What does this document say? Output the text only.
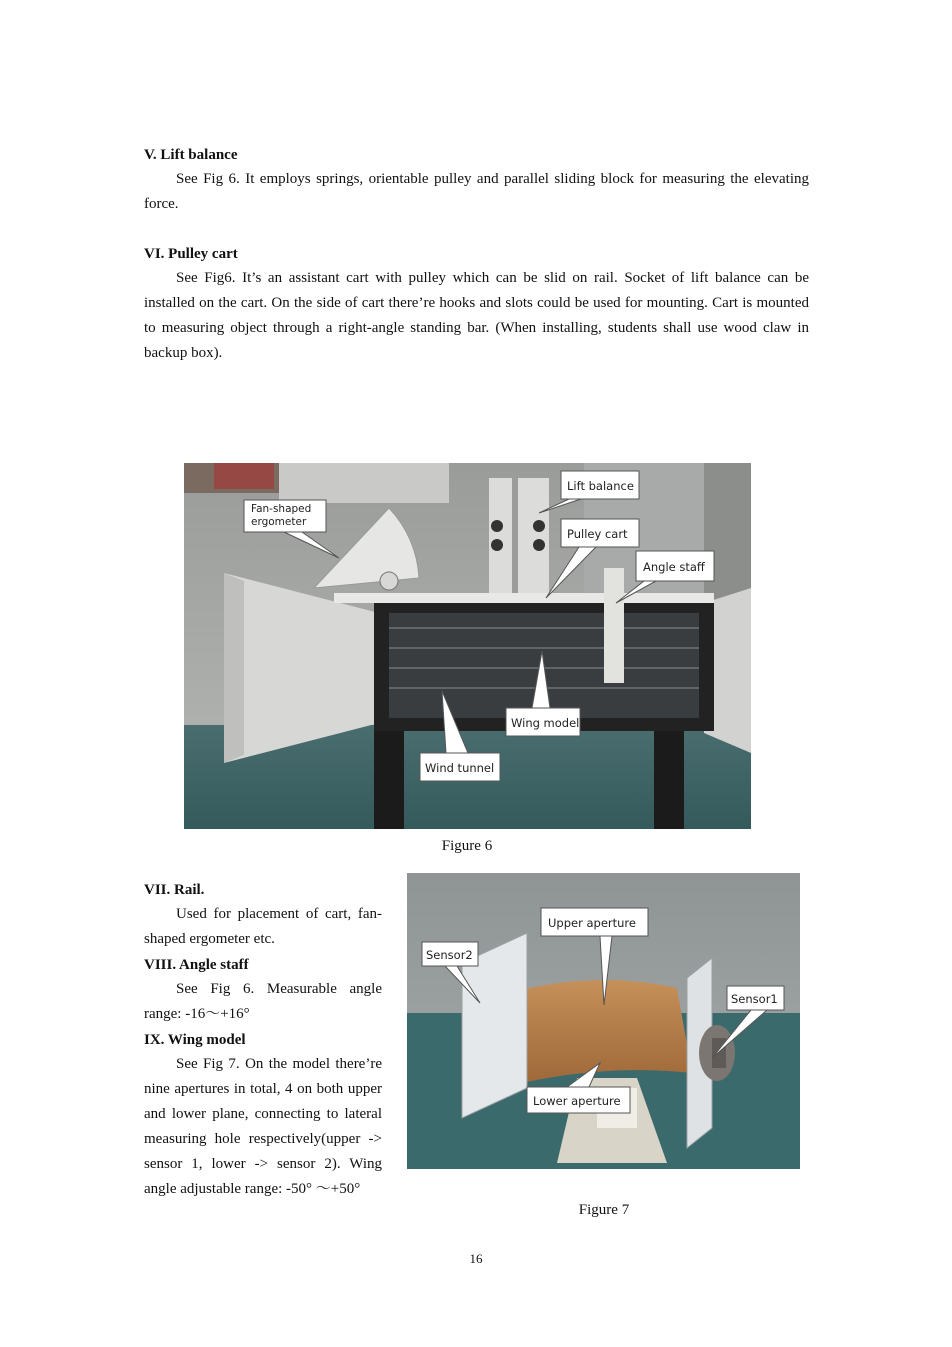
V. Lift balance
See Fig 6. It employs springs, orientable pulley and parallel sliding block for measuring the elevating force.
VI. Pulley cart
See Fig6. It’s an assistant cart with pulley which can be slid on rail. Socket of lift balance can be installed on the cart. On the side of cart there’re hooks and slots could be used for mounting. Cart is mounted to measuring object through a right-angle standing bar. (When installing, students shall use wood claw in backup box).
Fan-shaped
ergometer
Lift balance
Pulley cart
Angle staff
Wing model
Wind tunnel
Figure 6
VII. Rail.
Used for placement of cart, fan-shaped ergometer etc.
VIII. Angle staff
See Fig 6. Measurable angle range: -16～+16°
IX. Wing model
See Fig 7. On the model there’re nine apertures in total, 4 on both upper and lower plane, connecting to lateral measuring hole respectively(upper -> sensor 1, lower -> sensor 2). Wing angle adjustable range: -50° ～+50°
Upper aperture
Sensor2
Sensor1
Lower aperture
Figure 7
16
